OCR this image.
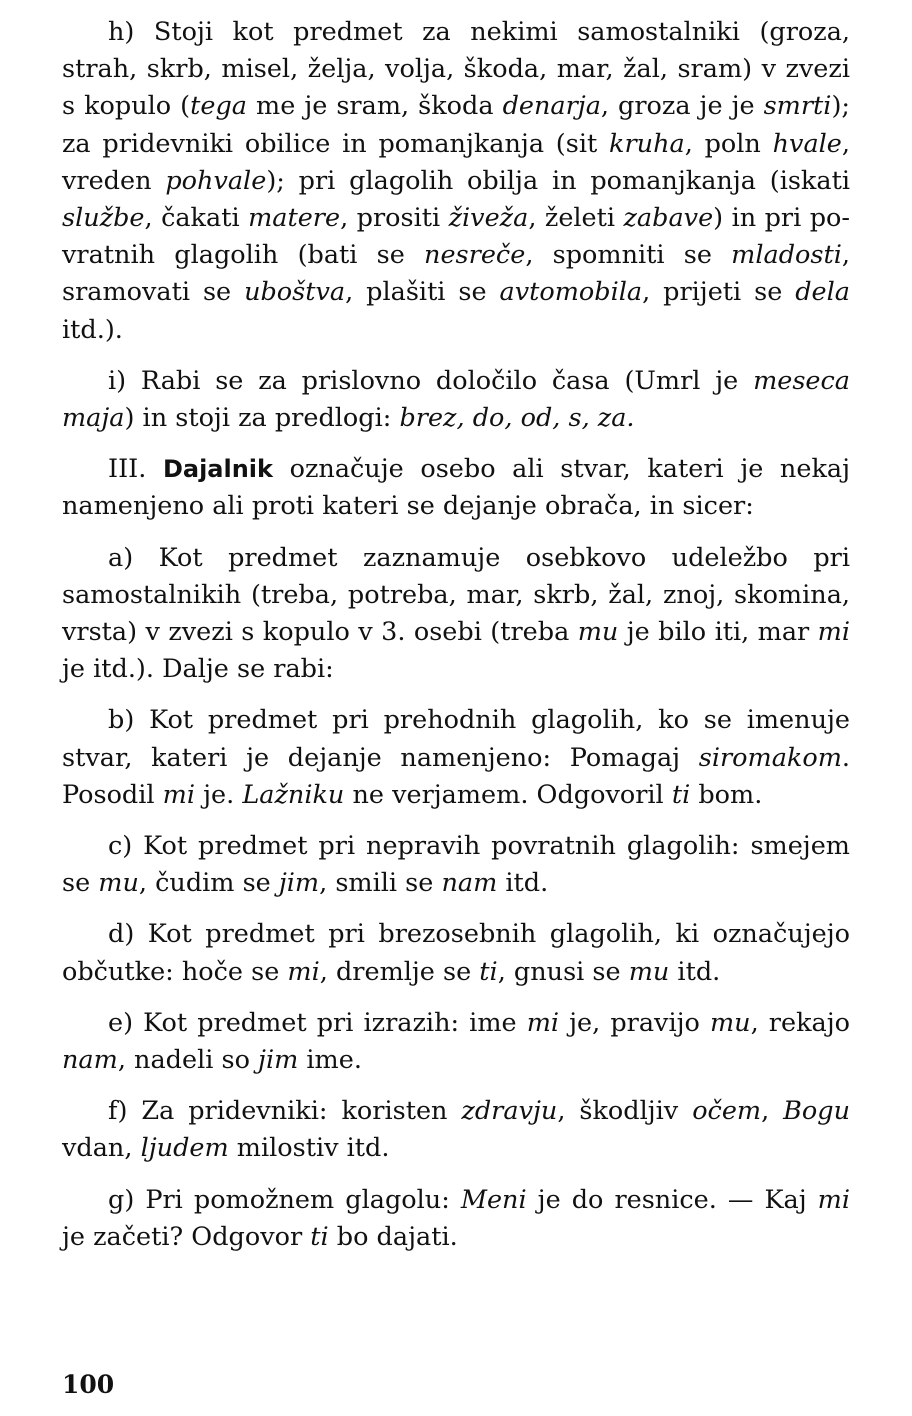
h) Stoji kot predmet za nekimi samostalniki (groza, strah, skrb, misel, želja, volja, škoda, mar, žal, sram) v zvezi s kopulo (tega me je sram, škoda denarja, groza je je smrti); za pridevniki obilice in pomanjkanja (sit kruha, poln hvale, vreden pohvale); pri glagolih obilja in pomanjkanja (iskati službe, čakati matere, prositi živeža, želeti zabave) in pri povratnih glagolih (bati se nesreče, spomniti se mladosti, sramovati se uboštva, plašiti se avtomobila, prijeti se dela itd.).

i) Rabi se za prislovno določilo časa (Umrl je meseca maja) in stoji za predlogi: brez, do, od, s, za.

III. Dajalnik označuje osebo ali stvar, kateri je nekaj namenjeno ali proti kateri se dejanje obrača, in sicer:

a) Kot predmet zaznamuje osebkovo udeležbo pri samostalnikih (treba, potreba, mar, skrb, žal, znoj, skomina, vrsta) v zvezi s kopulo v 3. osebi (treba mu je bilo iti, mar mi je itd.). Dalje se rabi:

b) Kot predmet pri prehodnih glagolih, ko se imenuje stvar, kateri je dejanje namenjeno: Pomagaj siromakom. Posodil mi je. Lažniku ne verjamem. Odgovoril ti bom.

c) Kot predmet pri nepravih povratnih glagolih: smejem se mu, čudim se jim, smili se nam itd.

d) Kot predmet pri brezosebnih glagolih, ki označujejo občutke: hoče se mi, dremlje se ti, gnusi se mu itd.

e) Kot predmet pri izrazih: ime mi je, pravijo mu, rekajo nam, nadeli so jim ime.

f) Za pridevniki: koristen zdravju, škodljiv očem, Bogu vdan, ljudem milostiv itd.

g) Pri pomožnem glagolu: Meni je do resnice. — Kaj mi je začeti? Odgovor ti bo dajati.

100
